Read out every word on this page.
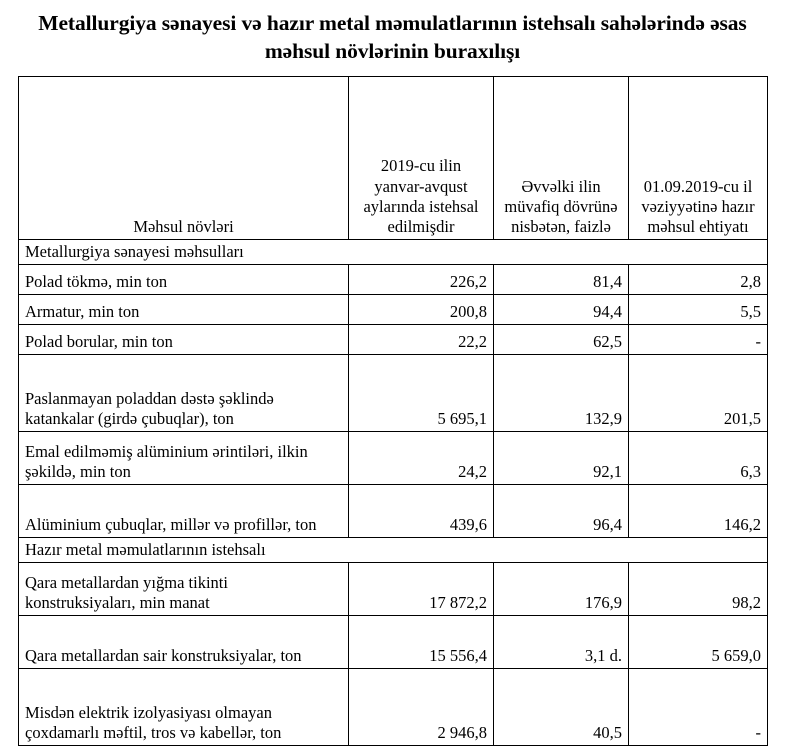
Metallurgiya sənayesi və hazır metal məmulatlarının istehsalı sahələrində əsas məhsul növlərinin buraxılışı
Məhsul növləri	2019-cu ilin yanvar-avqust aylarında istehsal edilmişdir	Əvvəlki ilin müvafiq dövrünə nisbətən, faizlə	01.09.2019-cu il vəziyyətinə hazır məhsul ehtiyatı
Metallurgiya sənayesi məhsulları			
Polad tökmə, min ton	226,2	81,4	2,8
Armatur, min ton	200,8	94,4	5,5
Polad borular, min ton	22,2	62,5	-
Paslanmayan poladdan dəstə şəklində katankalar (girdə çubuqlar), ton	5 695,1	132,9	201,5
Emal edilməmiş alüminium ərintiləri, ilkin şəkildə, min ton	24,2	92,1	6,3
Alüminium çubuqlar, millər və profillər, ton	439,6	96,4	146,2
Hazır metal məmulatlarının istehsalı			
Qara metallardan yığma tikinti konstruksiyaları, min manat	17 872,2	176,9	98,2
Qara metallardan sair konstruksiyalar, ton	15 556,4	3,1 d.	5 659,0
Misdən elektrik izolyasiyası olmayan çoxdamarlı məftil, tros və kabellər, ton	2 946,8	40,5	-
